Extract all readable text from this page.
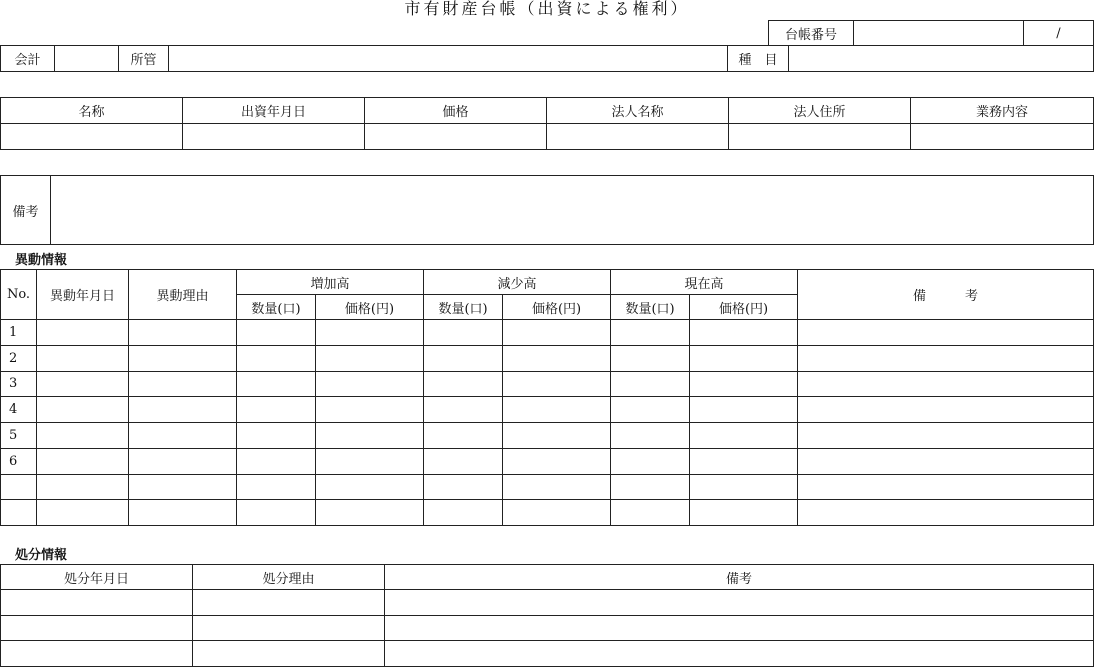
市有財産台帳（出資による権利）
台帳番号		/
会計		所管		種　目	
名称	出資年月日	価格	法人名称	法人住所	業務内容

備考	
異動情報
No.	異動年月日	異動理由	増加高		減少高		現在高		備　　　考
			数量(口)	価格(円)	数量(口)	価格(円)	数量(口)	価格(円)	
1									
2									
3									
4									
5									
6									

処分情報
処分年月日	処分理由	備考
